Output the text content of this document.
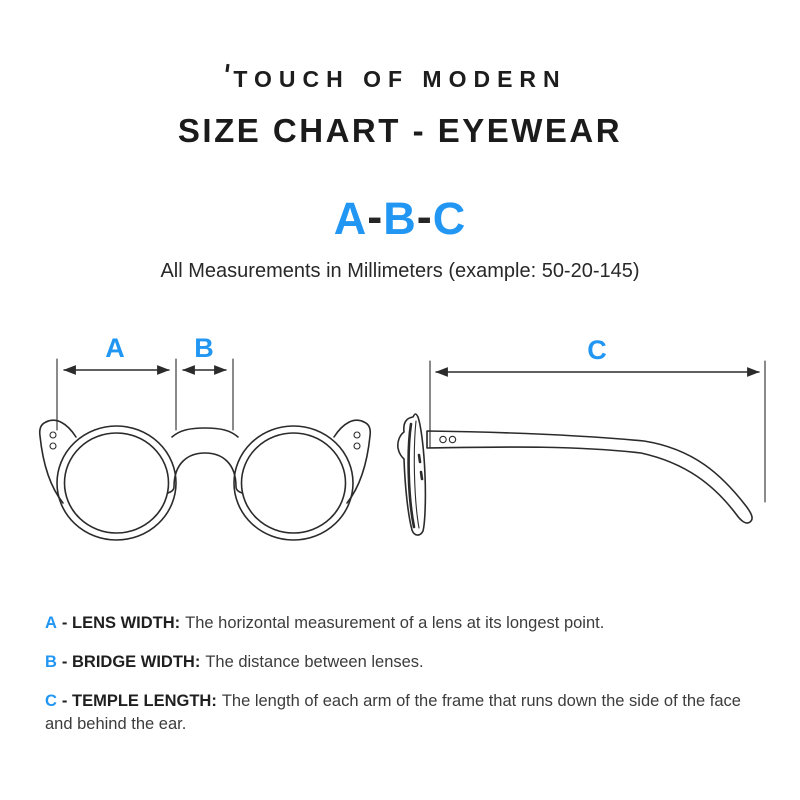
TOUCH OF MODERN
SIZE CHART - EYEWEAR
A-B-C
All Measurements in Millimeters (example: 50-20-145)
A	B	C
A - LENS WIDTH: The horizontal measurement of a lens at its longest point.
B - BRIDGE WIDTH: The distance between lenses.
C - TEMPLE LENGTH: The length of each arm of the frame that runs down the side of the face and behind the ear.
